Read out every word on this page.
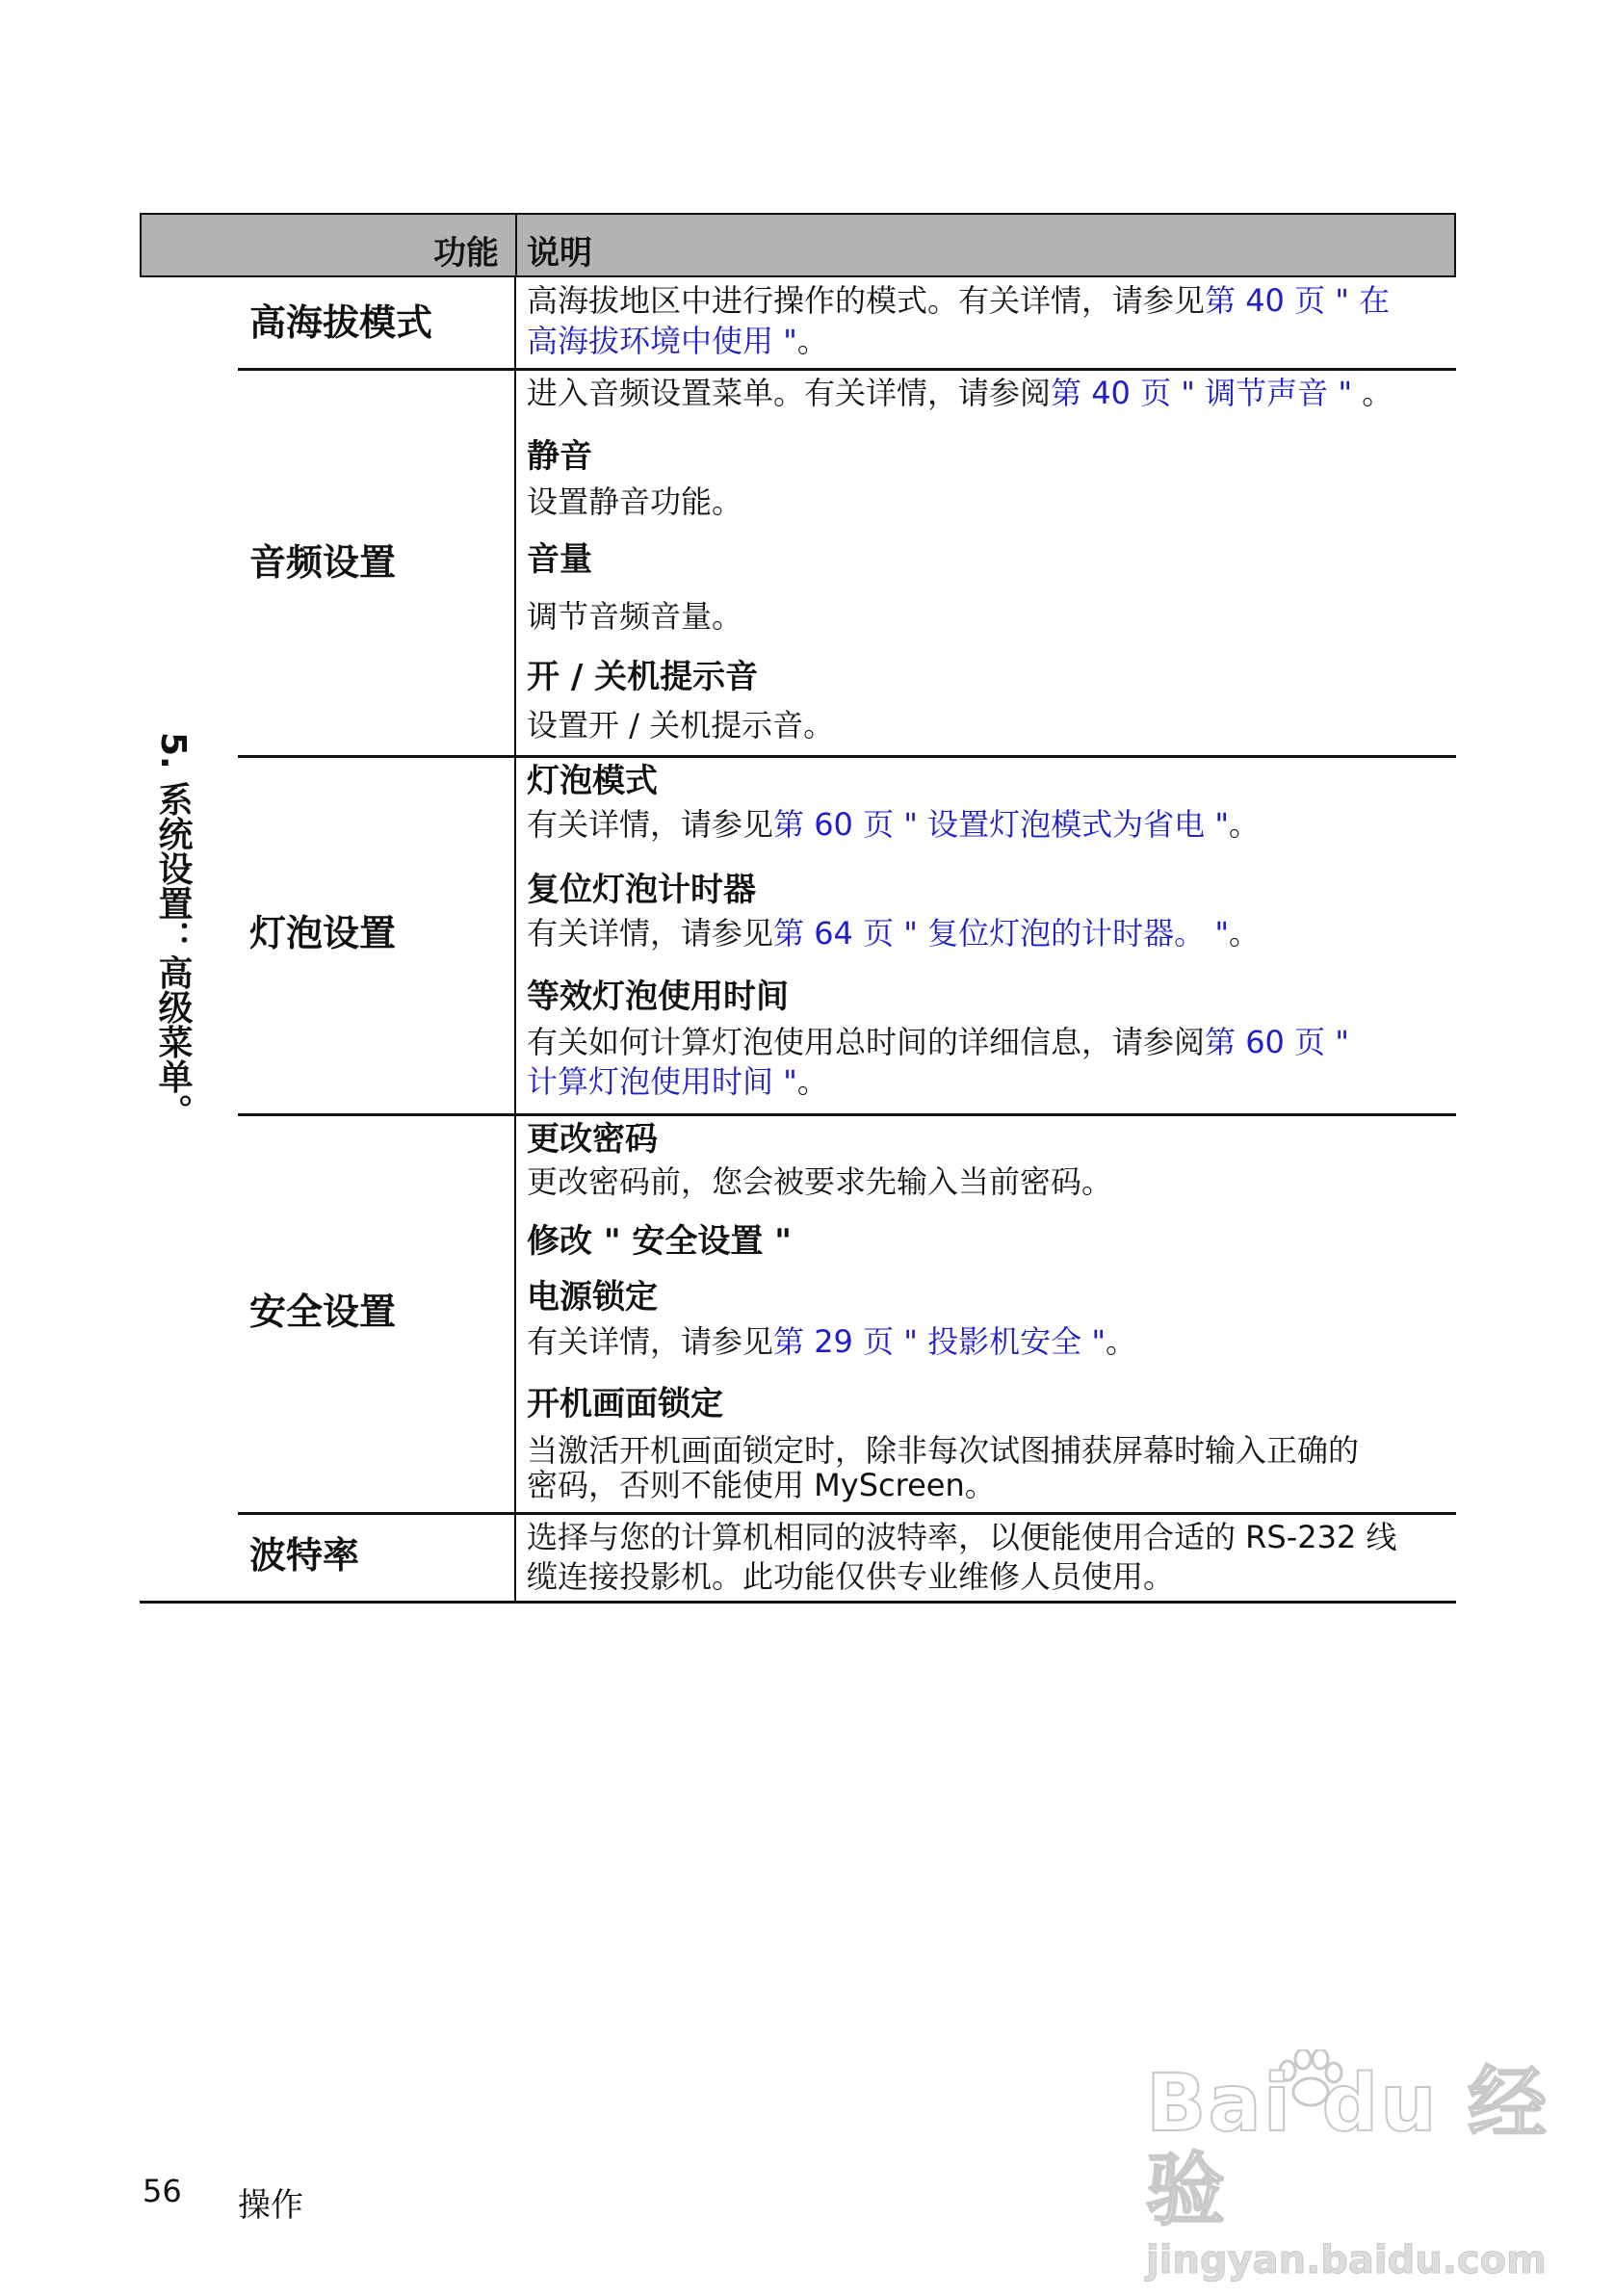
功能 说明
5. 系统设置：高级菜单。
高海拔模式
高海拔地区中进行操作的模式。有关详情，请参见第 40 页 " 在
高海拔环境中使用 "。
音频设置
进入音频设置菜单。有关详情，请参阅第 40 页 " 调节声音 " 。
静音
设置静音功能。
音量
调节音频音量。
开 / 关机提示音
设置开 / 关机提示音。
灯泡设置
灯泡模式
有关详情，请参见第 60 页 " 设置灯泡模式为省电 "。
复位灯泡计时器
有关详情，请参见第 64 页 " 复位灯泡的计时器。 "。
等效灯泡使用时间
有关如何计算灯泡使用总时间的详细信息，请参阅第 60 页 "
计算灯泡使用时间 "。
安全设置
更改密码
更改密码前，您会被要求先输入当前密码。
修改 " 安全设置 "
电源锁定
有关详情，请参见第 29 页 " 投影机安全 "。
开机画面锁定
当激活开机画面锁定时，除非每次试图捕获屏幕时输入正确的
密码，否则不能使用 MyScreen。
波特率	选择与您的计算机相同的波特率，以便能使用合适的 RS-232 线
缆连接投影机。此功能仅供专业维修人员使用。
56 操作
Bai du 经验
jingyan.baidu.com
